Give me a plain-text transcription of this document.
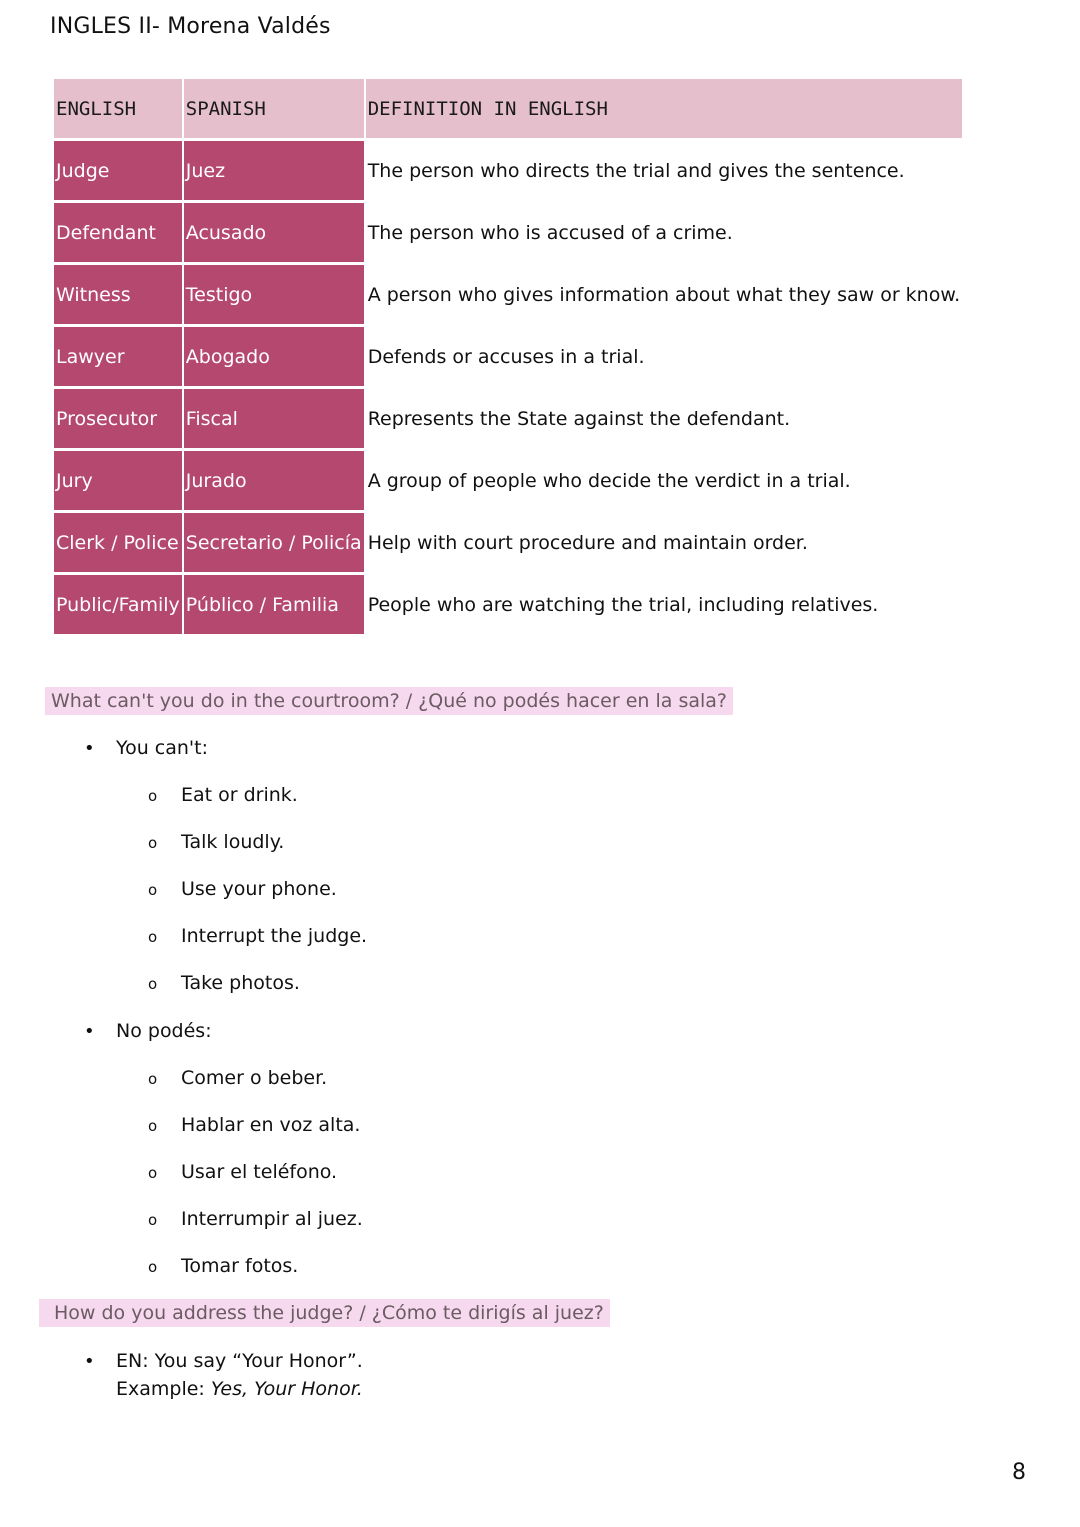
INGLES II- Morena Valdés
ENGLISH	SPANISH	DEFINITION IN ENGLISH
Judge	Juez	The person who directs the trial and gives the sentence.
Defendant	Acusado	The person who is accused of a crime.
Witness	Testigo	A person who gives information about what they saw or know.
Lawyer	Abogado	Defends or accuses in a trial.
Prosecutor	Fiscal	Represents the State against the defendant.
Jury	Jurado	A group of people who decide the verdict in a trial.
Clerk / Police	Secretario / Policía	Help with court procedure and maintain order.
Public/Family	Público / Familia	People who are watching the trial, including relatives.
What can't you do in the courtroom? / ¿Qué no podés hacer en la sala?
• You can't:
o Eat or drink.
o Talk loudly.
o Use your phone.
o Interrupt the judge.
o Take photos.
• No podés:
o Comer o beber.
o Hablar en voz alta.
o Usar el teléfono.
o Interrumpir al juez.
o Tomar fotos.
How do you address the judge? / ¿Cómo te dirigís al juez?
• EN: You say “Your Honor”.
Example: Yes, Your Honor.
8
